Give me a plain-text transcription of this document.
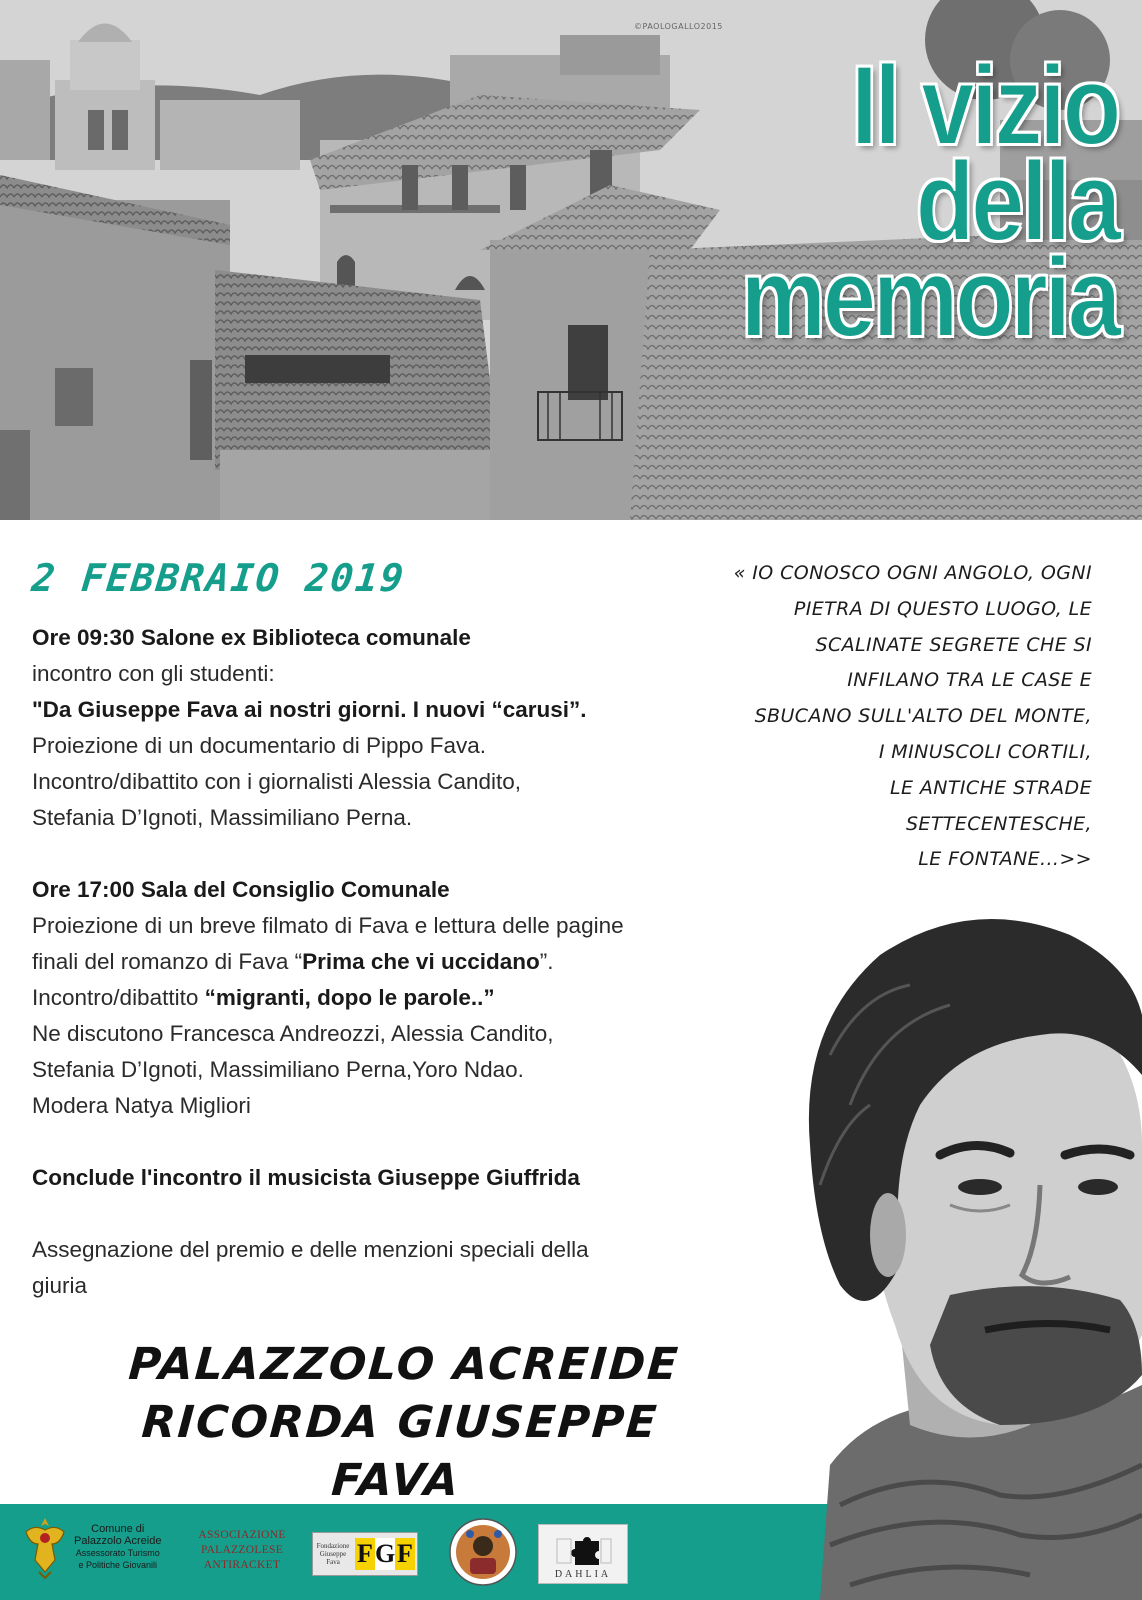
©PAOLOGALLO2015
Il vizio
della
memoria
2 FEBBRAIO 2019
Ore 09:30 Salone ex Biblioteca comunale
incontro con gli studenti:
"Da Giuseppe Fava ai nostri giorni. I nuovi “carusi”.
Proiezione di un documentario di Pippo Fava.
Incontro/dibattito con i giornalisti Alessia Candito,
Stefania D’Ignoti, Massimiliano Perna.
Ore 17:00 Sala del Consiglio Comunale
Proiezione di un breve filmato di Fava e lettura delle pagine
finali del romanzo di Fava “Prima che vi uccidano”.
Incontro/dibattito “migranti, dopo le parole..”
Ne discutono Francesca Andreozzi, Alessia Candito,
Stefania D’Ignoti, Massimiliano Perna,Yoro Ndao.
Modera Natya Migliori
Conclude l'incontro il musicista Giuseppe Giuffrida
Assegnazione del premio e delle menzioni speciali della
giuria
« IO CONOSCO OGNI ANGOLO, OGNI
PIETRA DI QUESTO LUOGO, LE
SCALINATE SEGRETE CHE SI
INFILANO TRA LE CASE E
SBUCANO SULL'ALTO DEL MONTE,
I MINUSCOLI CORTILI,
LE ANTICHE STRADE
SETTECENTESCHE,
LE FONTANE...>>
PALAZZOLO ACREIDE
RICORDA GIUSEPPE FAVA
Comune di
Palazzolo Acreide
Assessorato Turismo
e Politiche Giovanili
ASSOCIAZIONE
PALAZZOLESE
ANTIRACKET
Fondazione Giuseppe Fava F G F
DAHLIA
